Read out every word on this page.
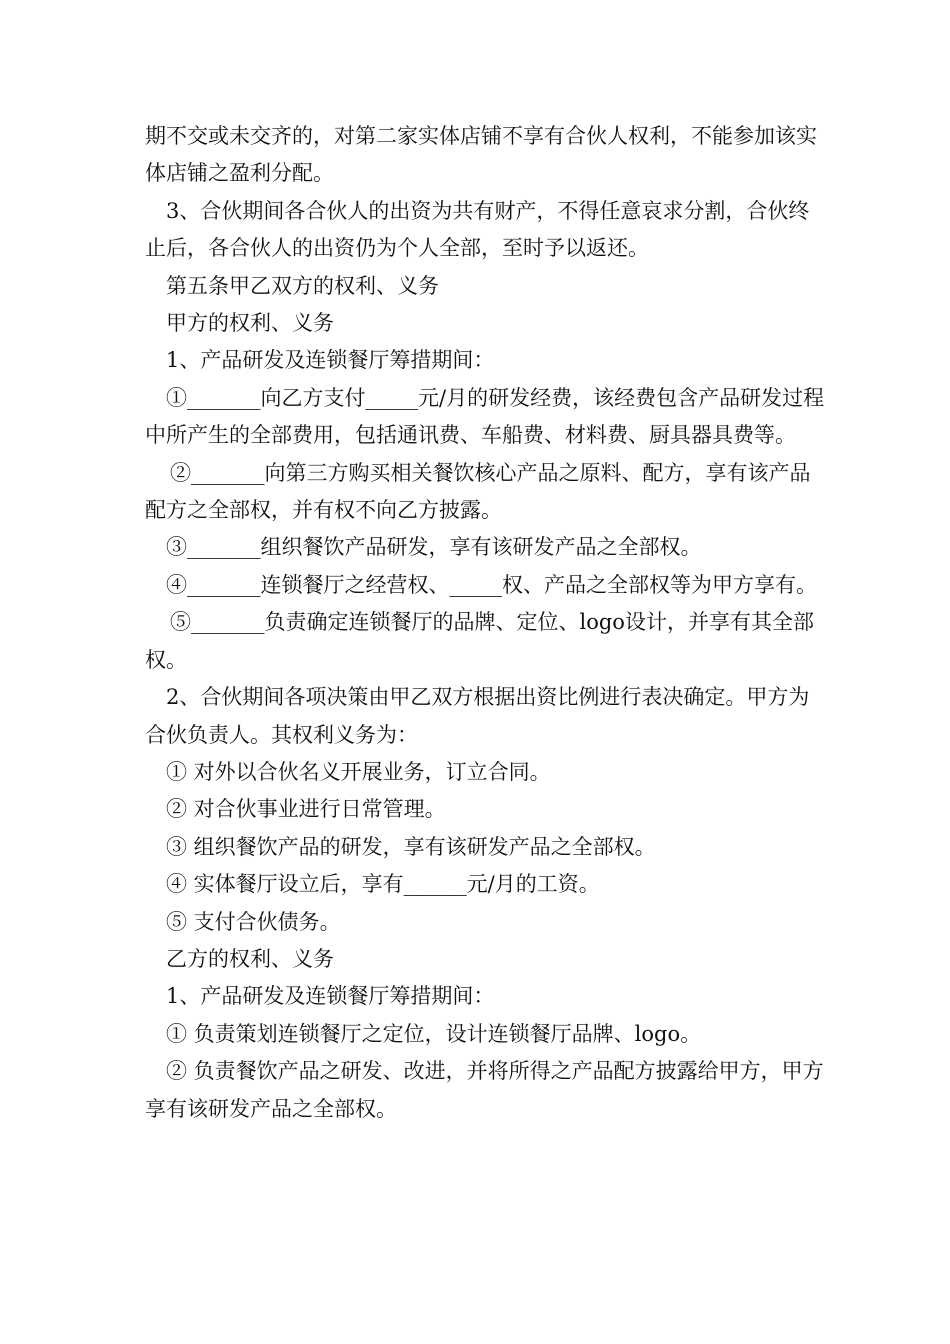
期不交或未交齐的，对第二家实体店铺不享有合伙人权利，不能参加该实体店铺之盈利分配。

3、合伙期间各合伙人的出资为共有财产，不得任意哀求分割，合伙终止后，各合伙人的出资仍为个人全部，至时予以返还。

第五条甲乙双方的权利、义务

甲方的权利、义务

1、产品研发及连锁餐厅筹措期间：

①_______向乙方支付_____元/月的研发经费，该经费包含产品研发过程中所产生的全部费用，包括通讯费、车船费、材料费、厨具器具费等。

②_______向第三方购买相关餐饮核心产品之原料、配方，享有该产品配方之全部权，并有权不向乙方披露。

③_______组织餐饮产品研发，享有该研发产品之全部权。

④_______连锁餐厅之经营权、_____权、产品之全部权等为甲方享有。

⑤_______负责确定连锁餐厅的品牌、定位、logo设计，并享有其全部权。

2、合伙期间各项决策由甲乙双方根据出资比例进行表决确定。甲方为合伙负责人。其权利义务为：

① 对外以合伙名义开展业务，订立合同。

② 对合伙事业进行日常管理。

③ 组织餐饮产品的研发，享有该研发产品之全部权。

④ 实体餐厅设立后，享有______元/月的工资。

⑤ 支付合伙债务。

乙方的权利、义务

1、产品研发及连锁餐厅筹措期间：

① 负责策划连锁餐厅之定位，设计连锁餐厅品牌、logo。

② 负责餐饮产品之研发、改进，并将所得之产品配方披露给甲方，甲方享有该研发产品之全部权。
